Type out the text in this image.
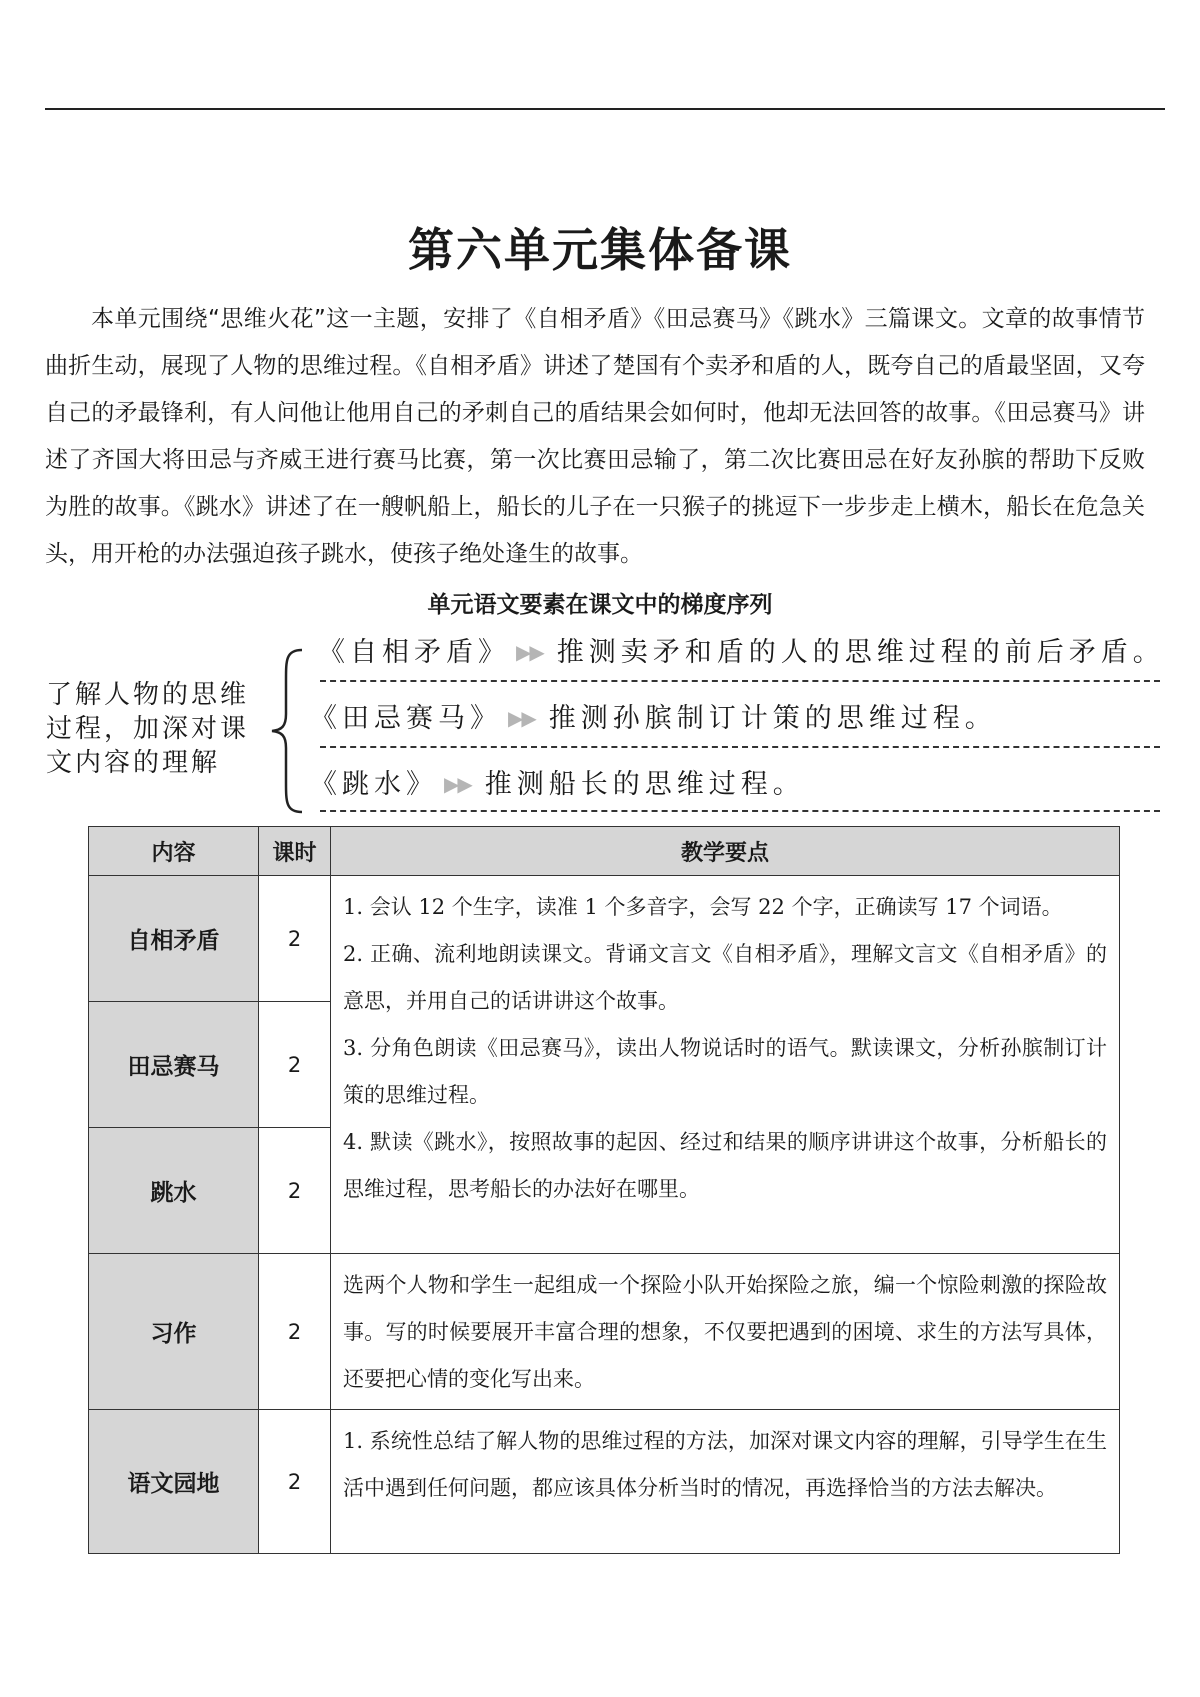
第六单元集体备课

本单元围绕“思维火花”这一主题，安排了《自相矛盾》《田忌赛马》《跳水》三篇课文。文章的故事情节曲折生动，展现了人物的思维过程。《自相矛盾》讲述了楚国有个卖矛和盾的人，既夸自己的盾最坚固，又夸自己的矛最锋利，有人问他让他用自己的矛刺自己的盾结果会如何时，他却无法回答的故事。《田忌赛马》讲述了齐国大将田忌与齐威王进行赛马比赛，第一次比赛田忌输了，第二次比赛田忌在好友孙膑的帮助下反败为胜的故事。《跳水》讲述了在一艘帆船上，船长的儿子在一只猴子的挑逗下一步步走上横木，船长在危急关头，用开枪的办法强迫孩子跳水，使孩子绝处逢生的故事。

单元语文要素在课文中的梯度序列
了解人物的思维
过程，加深对课
文内容的理解
《自相矛盾》 ▶▶ 推测卖矛和盾的人的思维过程的前后矛盾。
《田忌赛马》 ▶▶ 推测孙膑制订计策的思维过程。
《跳水》 ▶▶ 推测船长的思维过程。
内容	课时	教学要点
自相矛盾	2	1. 会认 12 个生字，读准 1 个多音字，会写 22 个字，正确读写 17 个词语。

2. 正确、流利地朗读课文。背诵文言文《自相矛盾》，理解文言文《自相矛盾》的意思，并用自己的话讲讲这个故事。

3. 分角色朗读《田忌赛马》，读出人物说话时的语气。默读课文，分析孙膑制订计策的思维过程。

4. 默读《跳水》，按照故事的起因、经过和结果的顺序讲讲这个故事，分析船长的思维过程，思考船长的办法好在哪里。

田忌赛马	2	
跳水	2	
习作	2	选两个人物和学生一起组成一个探险小队开始探险之旅，编一个惊险刺激的探险故事。写的时候要展开丰富合理的想象，不仅要把遇到的困境、求生的方法写具体，还要把心情的变化写出来。

语文园地	2	1. 系统性总结了解人物的思维过程的方法，加深对课文内容的理解，引导学生在生活中遇到任何问题，都应该具体分析当时的情况，再选择恰当的方法去解决。
